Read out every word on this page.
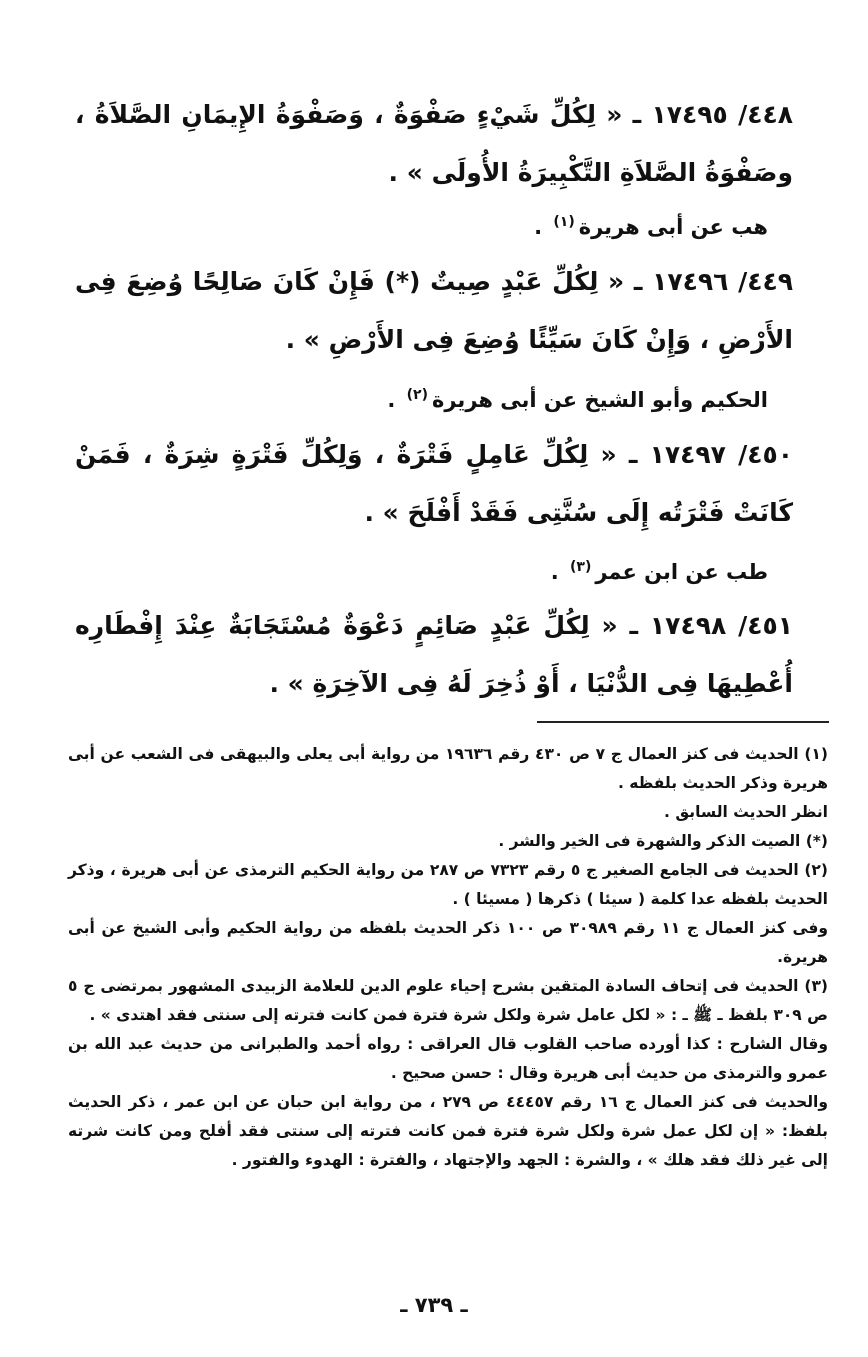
٤٤٨/ ١٧٤٩٥ ـ « لِكُلِّ شَيْءٍ صَفْوَةٌ ، وَصَفْوَةُ الإِيمَانِ الصَّلاَةُ ، وصَفْوَةُ الصَّلاَةِ التَّكْبِيرَةُ الأُولَى » .

هب عن أبى هريرة$^{(١)}$ .

٤٤٩/ ١٧٤٩٦ ـ « لِكُلِّ عَبْدٍ صِيتٌ (*) فَإِنْ كَانَ صَالِحًا وُضِعَ فِى الأَرْضِ ، وَإِنْ كَانَ سَيِّئًا وُضِعَ فِى الأَرْضِ » .

الحكيم وأبو الشيخ عن أبى هريرة$^{(٢)}$ .

٤٥٠/ ١٧٤٩٧ ـ « لِكُلِّ عَامِلٍ فَتْرَةٌ ، وَلِكُلِّ فَتْرَةٍ شِرَةٌ ، فَمَنْ كَانَتْ فَتْرَتُه إِلَى سُنَّتِى فَقَدْ أَفْلَحَ » .

طب عن ابن عمر$^{(٣)}$ .

٤٥١/ ١٧٤٩٨ ـ « لِكُلِّ عَبْدٍ صَائِمٍ دَعْوَةٌ مُسْتَجَابَةٌ عِنْدَ إِفْطَارِه أُعْطِيهَا فِى الدُّنْيَا ، أَوْ ذُخِرَ لَهُ فِى الآخِرَةِ » .

(١) الحديث فى كنز العمال ج ٧ ص ٤٣٠ رقم ١٩٦٣٦ من رواية أبى يعلى والبيهقى فى الشعب عن أبى هريرة وذكر الحديث بلفظه .

انظر الحديث السابق .

(*) الصيت الذكر والشهرة فى الخير والشر .

(٢) الحديث فى الجامع الصغير ج ٥ رقم ٧٣٢٣ ص ٢٨٧ من رواية الحكيم الترمذى عن أبى هريرة ، وذكر الحديث بلفظه عدا كلمة ( سيئا ) ذكرها ( مسيئا ) .

وفى كنز العمال ج ١١ رقم ٣٠٩٨٩ ص ١٠٠ ذكر الحديث بلفظه من رواية الحكيم وأبى الشيخ عن أبى هريرة.

(٣) الحديث فى إتحاف السادة المتقين بشرح إحياء علوم الدين للعلامة الزبيدى المشهور بمرتضى ج ٥ ص ٣٠٩ بلفظ ـ ﷺ ـ : « لكل عامل شرة ولكل شرة فترة فمن كانت فترته إلى سنتى فقد اهتدى » .

وقال الشارح : كذا أورده صاحب القلوب قال العراقى : رواه أحمد والطبرانى من حديث عبد الله بن عمرو والترمذى من حديث أبى هريرة وقال : حسن صحيح .

والحديث فى كنز العمال ج ١٦ رقم ٤٤٤٥٧ ص ٢٧٩ ، من رواية ابن حبان عن ابن عمر ، ذكر الحديث بلفظ: « إن لكل عمل شرة ولكل شرة فترة فمن كانت فترته إلى سنتى فقد أفلح ومن كانت شرته إلى غير ذلك فقد هلك » ، والشرة : الجهد والإجتهاد ، والفترة : الهدوء والفتور .

ـ ٧٣٩ ـ
